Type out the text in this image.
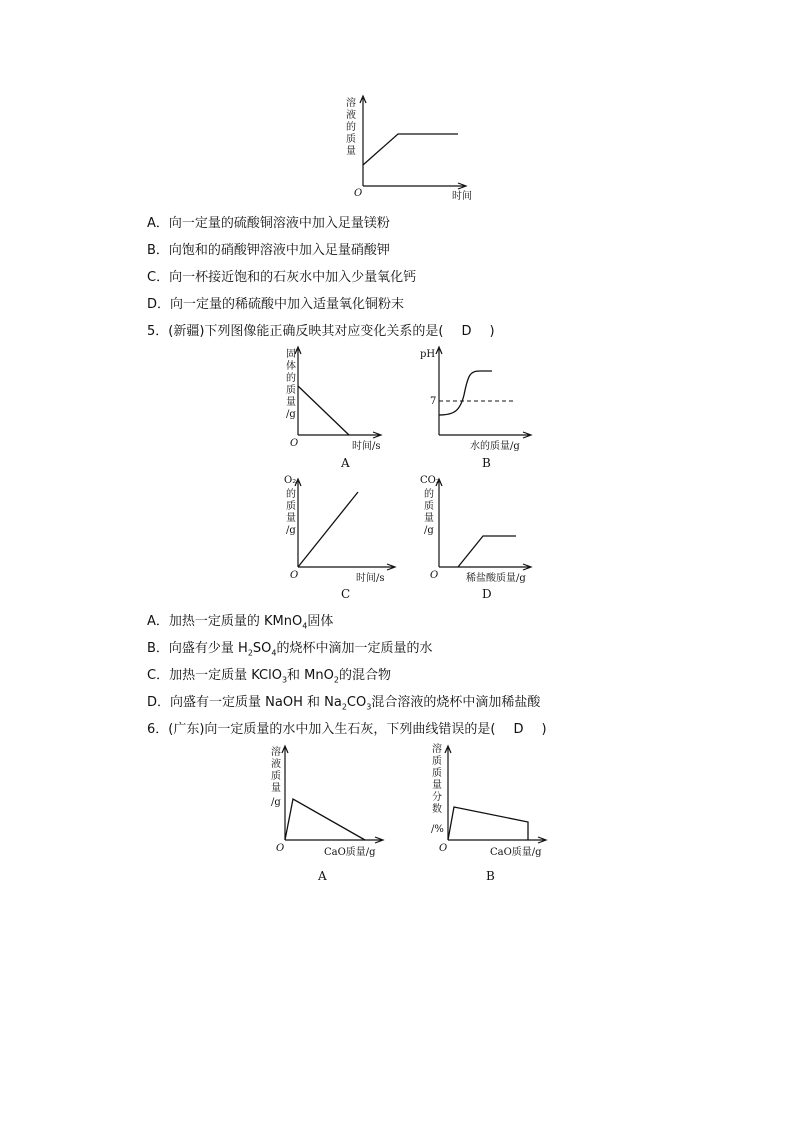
溶
液
的
质
量
O	时间
A．向一定量的硫酸铜溶液中加入足量镁粉
B．向饱和的硝酸钾溶液中加入足量硝酸钾
C．向一杯接近饱和的石灰水中加入少量氧化钙
D．向一定量的稀硫酸中加入适量氧化铜粉末
5．(新疆)下列图像能正确反映其对应变化关系的是( D )
固
体
的
质
量
/g
O	时间/s
A
pH
7
水的质量/g
B
O₂
的
质
量
/g
O	时间/s
C
CO₂
的
质
量
/g
O	稀盐酸质量/g
D
A．加热一定质量的 KMnO$_4$固体
B．向盛有少量 $H_2SO_4$的烧杯中滴加一定质量的水
C．加热一定质量 KClO$_3$和 MnO$_2$的混合物
D．向盛有一定质量 NaOH 和 $Na_2CO_3$混合溶液的烧杯中滴加稀盐酸
6．(广东)向一定质量的水中加入生石灰，下列曲线错误的是( D )
溶
液
质
量
/g
O	CaO质量/g
A
溶
质
质
量
分
数
/%
O	CaO质量/g
B
